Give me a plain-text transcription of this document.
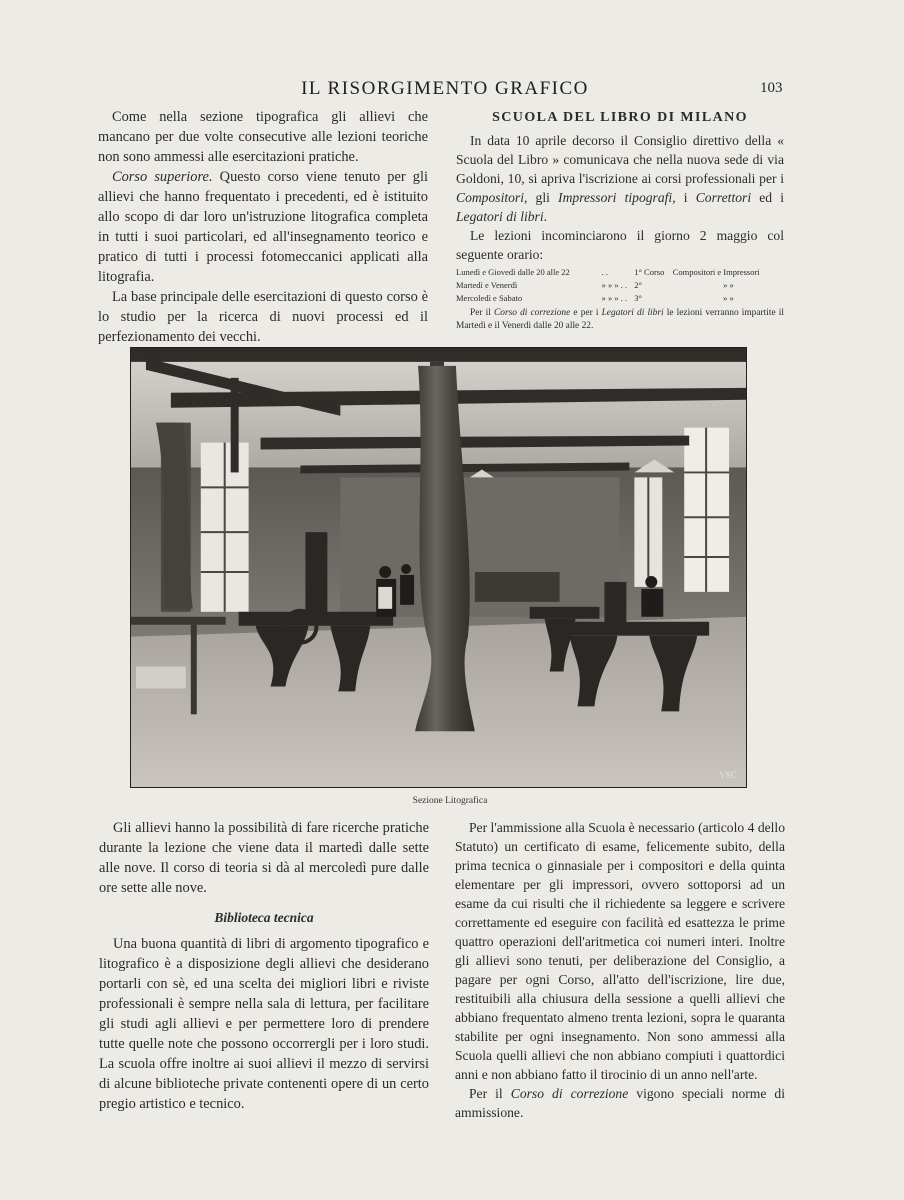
IL RISORGIMENTO GRAFICO	103

Come nella sezione tipografica gli allievi che mancano per due volte consecutive alle lezioni teoriche non sono ammessi alle esercitazioni pratiche.

Corso superiore. Questo corso viene tenuto per gli allievi che hanno frequentato i precedenti, ed è istituito allo scopo di dar loro un'istruzione litografica completa in tutti i suoi particolari, ed all'insegnamento teorico e pratico di tutti i processi fotomeccanici applicati alla litografia.

La base principale delle esercitazioni di questo corso è lo studio per la ricerca di nuovi processi ed il perfezionamento dei vecchi.

SCUOLA DEL LIBRO DI MILANO

In data 10 aprile decorso il Consiglio direttivo della « Scuola del Libro » comunicava che nella nuova sede di via Goldoni, 10, si apriva l'iscrizione ai corsi professionali per i Compositori, gli Impressori tipografi, i Correttori ed i Legatori di libri.

Le lezioni incominciarono il giorno 2 maggio col seguente orario:

Lunedì e Giovedì dalle 20 alle 22	. .	1° Corso	Compositori e Impressori
Martedì e Venerdì	» » » . .	2°	» »
Mercoledì e Sabato	» » » . .	3°	» »

Per il Corso di correzione e per i Legatori di libri le lezioni verranno impartite il Martedì e il Venerdì dalle 20 alle 22.

VSC
Sezione Litografica

Gli allievi hanno la possibilità di fare ricerche pratiche durante la lezione che viene data il martedì dalle sette alle nove. Il corso di teoria si dà al mercoledì pure dalle ore sette alle nove.

Biblioteca tecnica

Una buona quantità di libri di argomento tipografico e litografico è a disposizione degli allievi che desiderano portarli con sè, ed una scelta dei migliori libri e riviste professionali è sempre nella sala di lettura, per facilitare gli studi agli allievi e per permettere loro di prendere tutte quelle note che possono occorrergli per i loro studi. La scuola offre inoltre ai suoi allievi il mezzo di servirsi di alcune biblioteche private contenenti opere di un certo pregio artistico e tecnico.

Per l'ammissione alla Scuola è necessario (articolo 4 dello Statuto) un certificato di esame, felicemente subito, della prima tecnica o ginnasiale per i compositori e della quinta elementare per gli impressori, ovvero sottoporsi ad un esame da cui risulti che il richiedente sa leggere e scrivere correttamente ed eseguire con facilità ed esattezza le prime quattro operazioni dell'aritmetica coi numeri interi. Inoltre gli allievi sono tenuti, per deliberazione del Consiglio, a pagare per ogni Corso, all'atto dell'iscrizione, lire due, restituibili alla chiusura della sessione a quelli allievi che abbiano frequentato almeno trenta lezioni, sopra le quaranta stabilite per ogni insegnamento. Non sono ammessi alla Scuola quelli allievi che non abbiano compiuti i quattordici anni e non abbiano fatto il tirocinio di un anno nell'arte.

Per il Corso di correzione vigono speciali norme di ammissione.
